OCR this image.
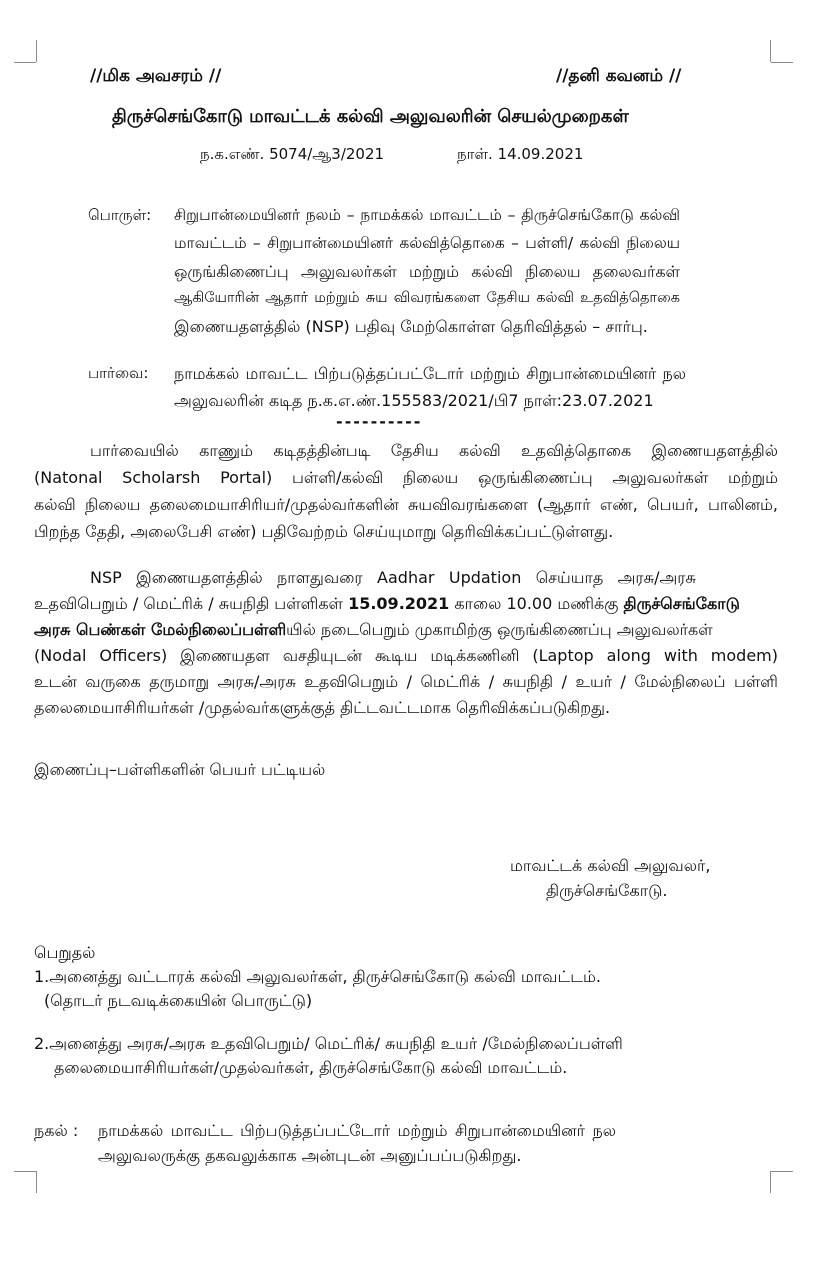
//மிக அவசரம் //	//தனி கவனம் //
திருச்செங்கோடு மாவட்டக் கல்வி அலுவலரின் செயல்முறைகள்
ந.க.எண். 5074/ஆ3/2021	நாள். 14.09.2021
பொருள்: சிறுபான்மையினர் நலம் – நாமக்கல் மாவட்டம் – திருச்செங்கோடு கல்வி
மாவட்டம் – சிறுபான்மையினர் கல்வித்தொகை – பள்ளி/ கல்வி நிலைய
ஒருங்கிணைப்பு அலுவலர்கள் மற்றும் கல்வி நிலைய தலைவர்கள்
ஆகியோரின் ஆதார் மற்றும் சுய விவரங்களை தேசிய கல்வி உதவித்தொகை
இணையதளத்தில் (NSP) பதிவு மேற்கொள்ள தெரிவித்தல் – சார்பு.
பார்வை: நாமக்கல் மாவட்ட பிற்படுத்தப்பட்டோர் மற்றும் சிறுபான்மையினர் நல
அலுவலரின் கடித ந.க.எ.ண்.155583/2021/பி7 நாள்:23.07.2021
----------
பார்வையில் காணும் கடிதத்தின்படி தேசிய கல்வி உதவித்தொகை இணையதளத்தில்
(Natonal Scholarsh Portal) பள்ளி/கல்வி நிலைய ஒருங்கிணைப்பு அலுவலர்கள் மற்றும்
கல்வி நிலைய தலைமையாசிரியர்/முதல்வர்களின் சுயவிவரங்களை (ஆதார் எண், பெயர், பாலினம்,
பிறந்த தேதி, அலைபேசி எண்) பதிவேற்றம் செய்யுமாறு தெரிவிக்கப்பட்டுள்ளது.
NSP இணையதளத்தில் நாளதுவரை Aadhar Updation செய்யாத அரசு/அரசு
உதவிபெறும் / மெட்ரிக் / சுயநிதி பள்ளிகள் 15.09.2021 காலை 10.00 மணிக்கு திருச்செங்கோடு
அரசு பெண்கள் மேல்நிலைப்பள்ளியில் நடைபெறும் முகாமிற்கு ஒருங்கிணைப்பு அலுவலர்கள்
(Nodal Officers) இணையதள வசதியுடன் கூடிய மடிக்கணினி (Laptop along with modem)
உடன் வருகை தருமாறு அரசு/அரசு உதவிபெறும் / மெட்ரிக் / சுயநிதி / உயர் / மேல்நிலைப் பள்ளி
தலைமையாசிரியர்கள் /முதல்வர்களுக்குத் திட்டவட்டமாக தெரிவிக்கப்படுகிறது.
இணைப்பு–பள்ளிகளின் பெயர் பட்டியல்
மாவட்டக் கல்வி அலுவலர்,
திருச்செங்கோடு.
பெறுதல்
1.அனைத்து வட்டாரக் கல்வி அலுவலர்கள், திருச்செங்கோடு கல்வி மாவட்டம்.
(தொடர் நடவடிக்கையின் பொருட்டு)
2.அனைத்து அரசு/அரசு உதவிபெறும்/ மெட்ரிக்/ சுயநிதி உயர் /மேல்நிலைப்பள்ளி
தலைமையாசிரியர்கள்/முதல்வர்கள், திருச்செங்கோடு கல்வி மாவட்டம்.
நகல் : நாமக்கல் மாவட்ட பிற்படுத்தப்பட்டோர் மற்றும் சிறுபான்மையினர் நல
அலுவலருக்கு தகவலுக்காக அன்புடன் அனுப்பப்படுகிறது.
